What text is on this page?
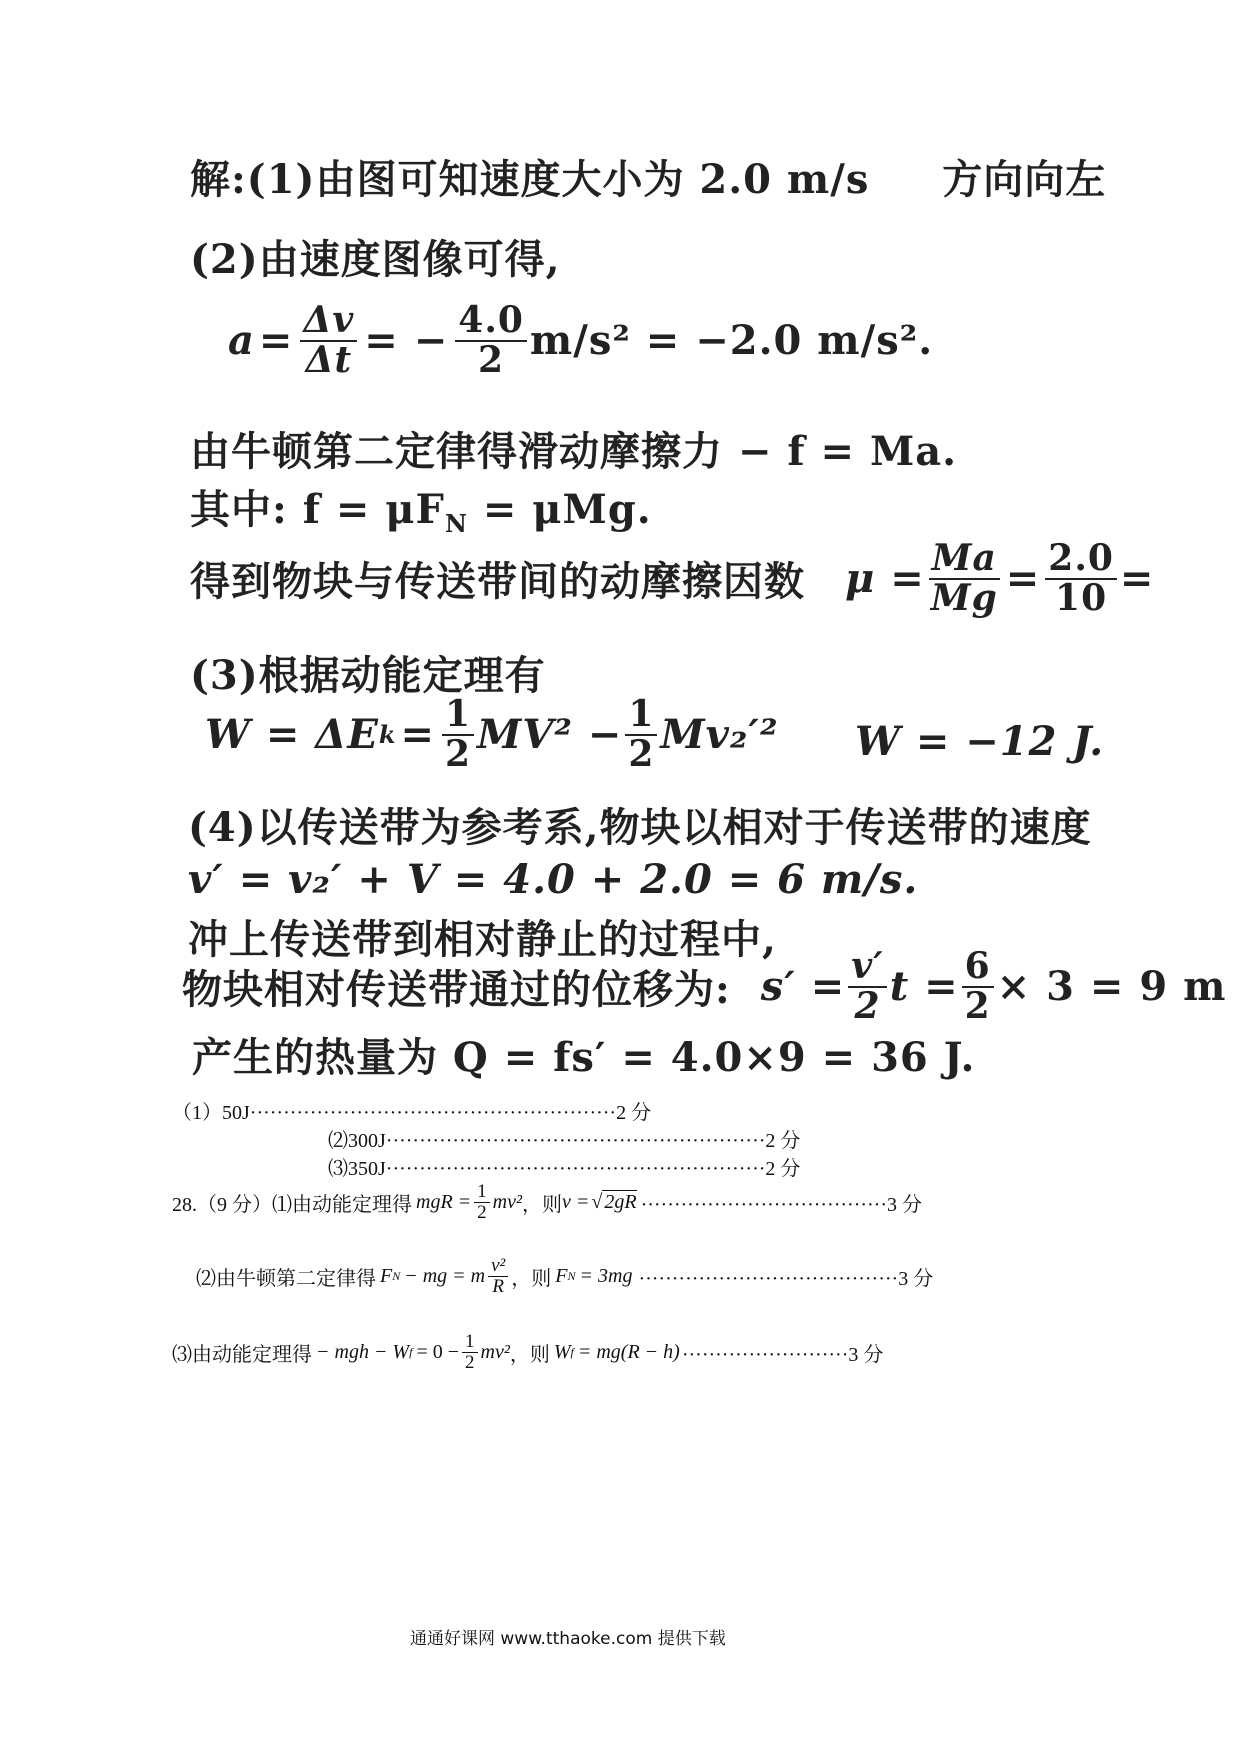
解:(1)由图可知速度大小为 2.0 m/s 方向向左
(2)由速度图像可得,
$a = \frac{\Delta v}{\Delta t}$ = − $\frac{4.0}{2} m/s^2 = -2.0$ m/s².
由牛顿第二定律得滑动摩擦力 − f = Ma.
其中: $f = \mu F_N = \mu Mg$.
得到物块与传送带间的动摩擦因数 $\mu = \frac{Ma}{Mg} = \frac{2.0}{10}$ =
(3)根据动能定理有
W = ΔE $k = \frac{1}{2} MV^2 - \frac{1}{2} Mv_2'^2$ W = −12 J.
(4)以传送带为参考系,物块以相对于传送带的速度
v′ = v₂′ + V = 4.0 + 2.0 = 6 m/s.
冲上传送带到相对静止的过程中,
物块相对传送带通过的位移为: $s' = \frac{v'}{2}$ $t = \frac{6}{2} \times 3 = 9$ m
产生的热量为 Q = fs′ = 4.0×9 = 36 J.
（1）50J·······················································2 分
⑵300J·························································2 分
⑶350J·························································2 分
28.（9 分）⑴由动能定理得 mgR = $\frac{1}{2} mv^2$ ，则 v = √ 2gR ·····································3 分
⑵由牛顿第二定律得 F N − mg = m $\frac{\text{v²}}{R}$ ，则 F N = 3mg ·······································3 分
⑶由动能定理得 − mgh − W $f = 0 - \frac{1}{2} mv^2$ ，则 W f = mg(R − h) ·························3 分
通通好课网 www.tthaoke.com 提供下载
